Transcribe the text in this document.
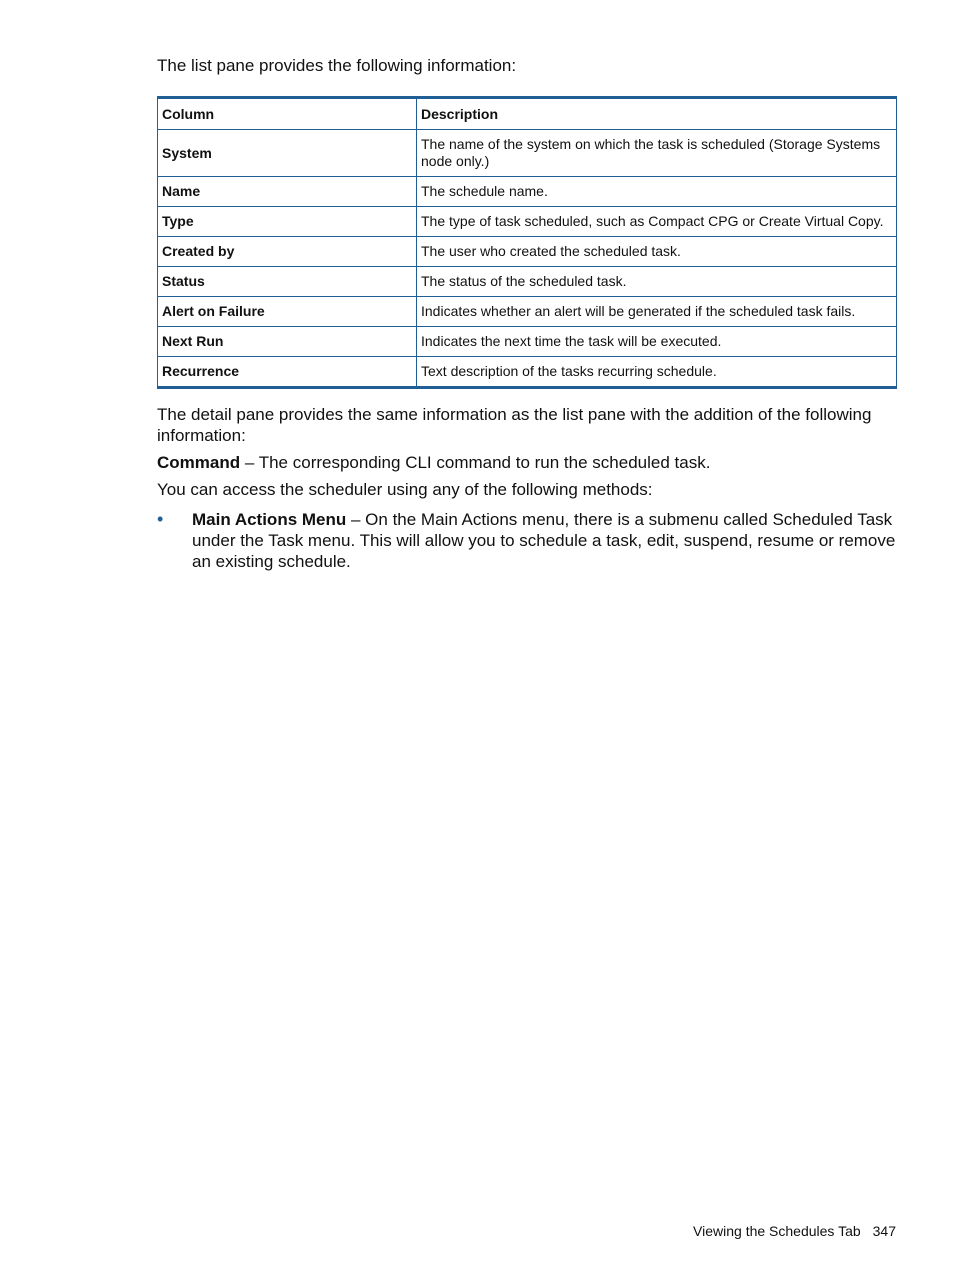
The list pane provides the following information:

Column	Description
System	The name of the system on which the task is scheduled (Storage Systems node only.)
Name	The schedule name.
Type	The type of task scheduled, such as Compact CPG or Create Virtual Copy.
Created by	The user who created the scheduled task.
Status	The status of the scheduled task.
Alert on Failure	Indicates whether an alert will be generated if the scheduled task fails.
Next Run	Indicates the next time the task will be executed.
Recurrence	Text description of the tasks recurring schedule.

The detail pane provides the same information as the list pane with the addition of the following information:

Command – The corresponding CLI command to run the scheduled task.

You can access the scheduler using any of the following methods:

•	Main Actions Menu – On the Main Actions menu, there is a submenu called Scheduled Task under the Task menu. This will allow you to schedule a task, edit, suspend, resume or remove an existing schedule.
Viewing the Schedules Tab 347
